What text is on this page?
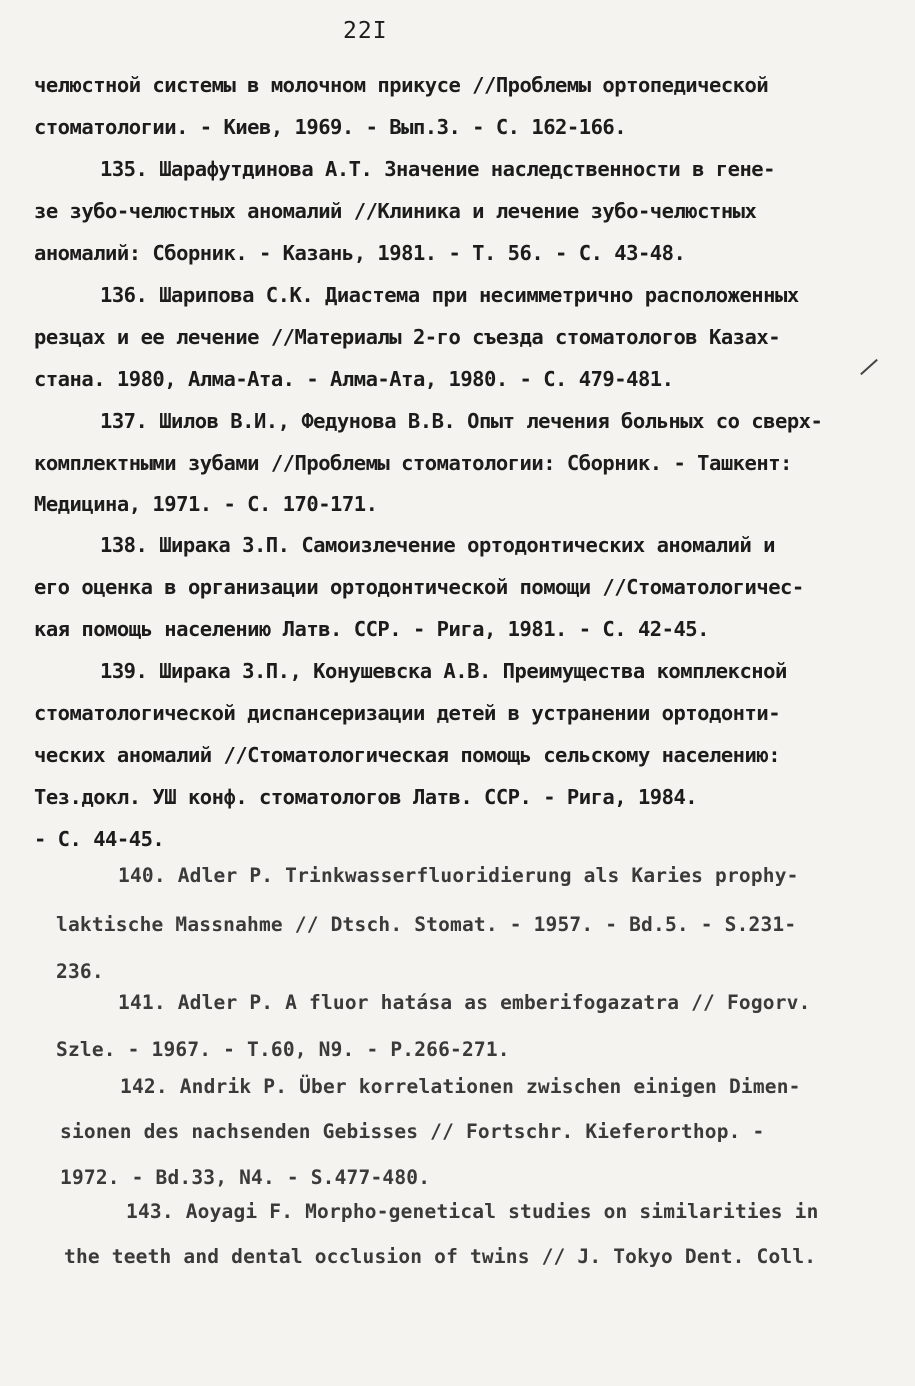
22I
челюстной системы в молочном прикусе //Проблемы ортопедической
стоматологии. - Киев, 1969. - Вып.3. - С. 162-166.
135. Шарафутдинова А.Т. Значение наследственности в гене-
зе зубо-челюстных аномалий //Клиника и лечение зубо-челюстных
аномалий: Сборник. - Казань, 1981. - Т. 56. - С. 43-48.
136. Шарипова С.К. Диастема при несимметрично расположенных
резцах и ее лечение //Материалы 2-го съезда стоматологов Казах-
стана. 1980, Алма-Ата. - Алма-Ата, 1980. - С. 479-481.
137. Шилов В.И., Федунова В.В. Опыт лечения больных со сверх-
комплектными зубами //Проблемы стоматологии: Сборник. - Ташкент:
Медицина, 1971. - С. 170-171.
138. Ширака З.П. Самоизлечение ортодонтических аномалий и
его оценка в организации ортодонтической помощи //Стоматологичес-
кая помощь населению Латв. ССР. - Рига, 1981. - С. 42-45.
139. Ширака З.П., Конушевска А.В. Преимущества комплексной
стоматологической диспансеризации детей в устранении ортодонти-
ческих аномалий //Стоматологическая помощь сельскому населению:
Тез.докл. УШ конф. стоматологов Латв. ССР. - Рига, 1984.
- С. 44-45.
140. Adler P. Trinkwasserfluoridierung als Karies prophy-
laktische Massnahme // Dtsch. Stomat. - 1957. - Bd.5. - S.231-
236.
141. Adler P. A fluor hatása as emberifogazatra // Fogorv.
Szle. - 1967. - T.60, N9. - P.266-271.
142. Andrik P. Über korrelationen zwischen einigen Dimen-
sionen des nachsenden Gebisses // Fortschr. Kieferorthop. -
1972. - Bd.33, N4. - S.477-480.
143. Aoyagi F. Morpho-genetical studies on similarities in
the teeth and dental occlusion of twins // J. Tokyo Dent. Coll.
